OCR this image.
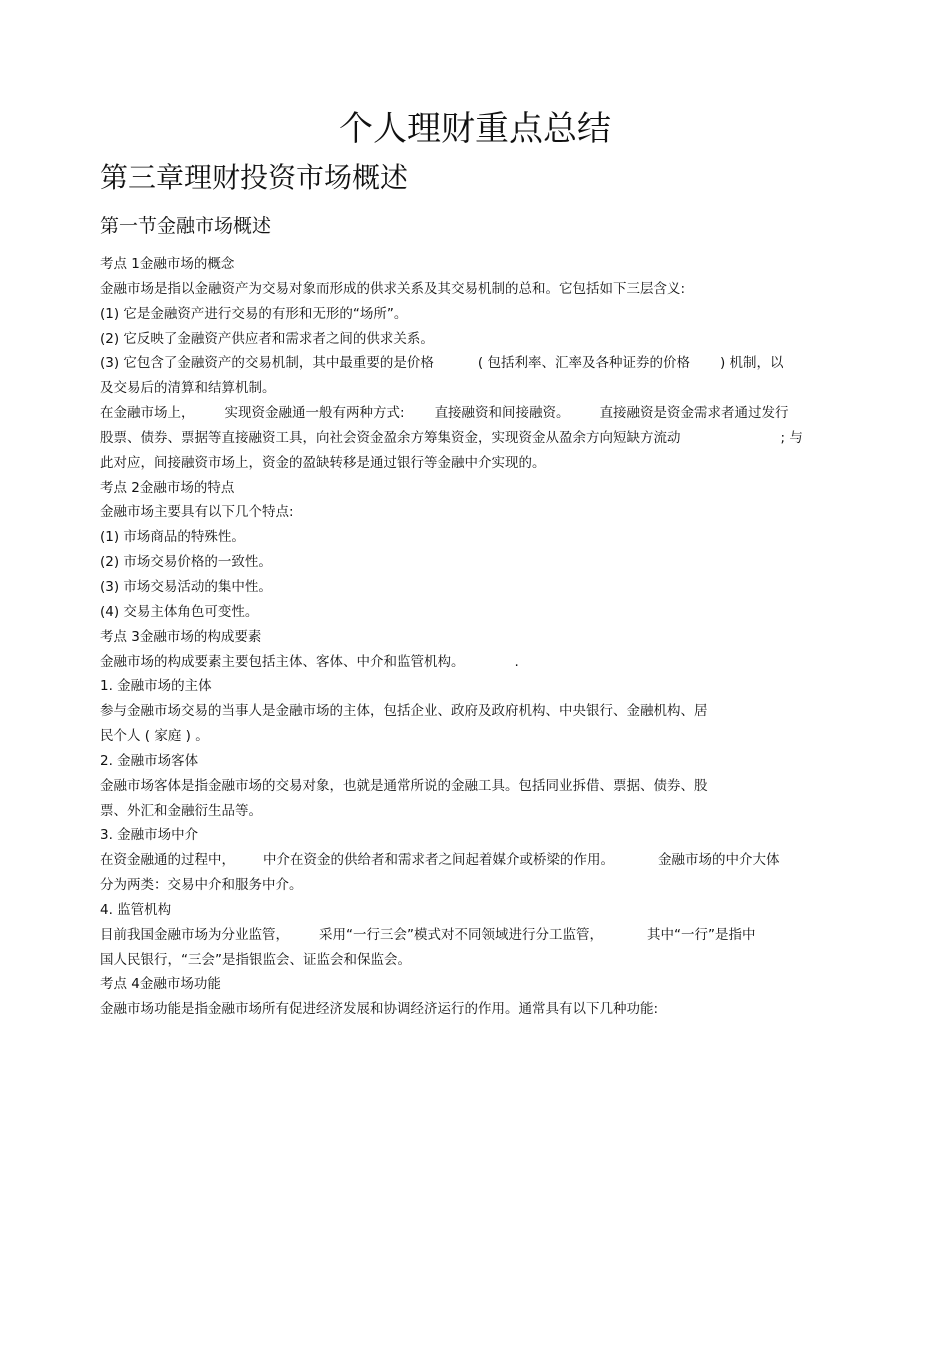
个人理财重点总结
第三章理财投资市场概述
第一节金融市场概述
考点 1金融市场的概念
金融市场是指以金融资产为交易对象而形成的供求关系及其交易机制的总和。它包括如下三层含义:
(1) 它是金融资产进行交易的有形和无形的“场所”。
(2) 它反映了金融资产供应者和需求者之间的供求关系。
(3) 它包含了金融资产的交易机制，其中最重要的是价格	( 包括利率、汇率及各种证券的价格 ) 机制，以
及交易后的清算和结算机制。
在金融市场上， 实现资金融通一般有两种方式: 直接融资和间接融资。 直接融资是资金需求者通过发行
股票、债券、票据等直接融资工具，向社会资金盈余方筹集资金，实现资金从盈余方向短缺方流动	; 与
此对应，间接融资市场上，资金的盈缺转移是通过银行等金融中介实现的。
考点 2金融市场的特点
金融市场主要具有以下几个特点:
(1) 市场商品的特殊性。
(2) 市场交易价格的一致性。
(3) 市场交易活动的集中性。
(4) 交易主体角色可变性。
考点 3金融市场的构成要素
金融市场的构成要素主要包括主体、客体、中介和监管机构。	.
1. 金融市场的主体
参与金融市场交易的当事人是金融市场的主体，包括企业、政府及政府机构、中央银行、金融机构、居
民个人 ( 家庭 ) 。
2. 金融市场客体
金融市场客体是指金融市场的交易对象，也就是通常所说的金融工具。包括同业拆借、票据、债券、股
票、外汇和金融衍生品等。
3. 金融市场中介
在资金融通的过程中， 中介在资金的供给者和需求者之间起着媒介或桥梁的作用。	金融市场的中介大体
分为两类：交易中介和服务中介。
4. 监管机构
目前我国金融市场为分业监管， 采用“一行三会”模式对不同领域进行分工监管，	其中“一行”是指中
国人民银行，“三会”是指银监会、证监会和保监会。
考点 4金融市场功能
金融市场功能是指金融市场所有促进经济发展和协调经济运行的作用。通常具有以下几种功能:
